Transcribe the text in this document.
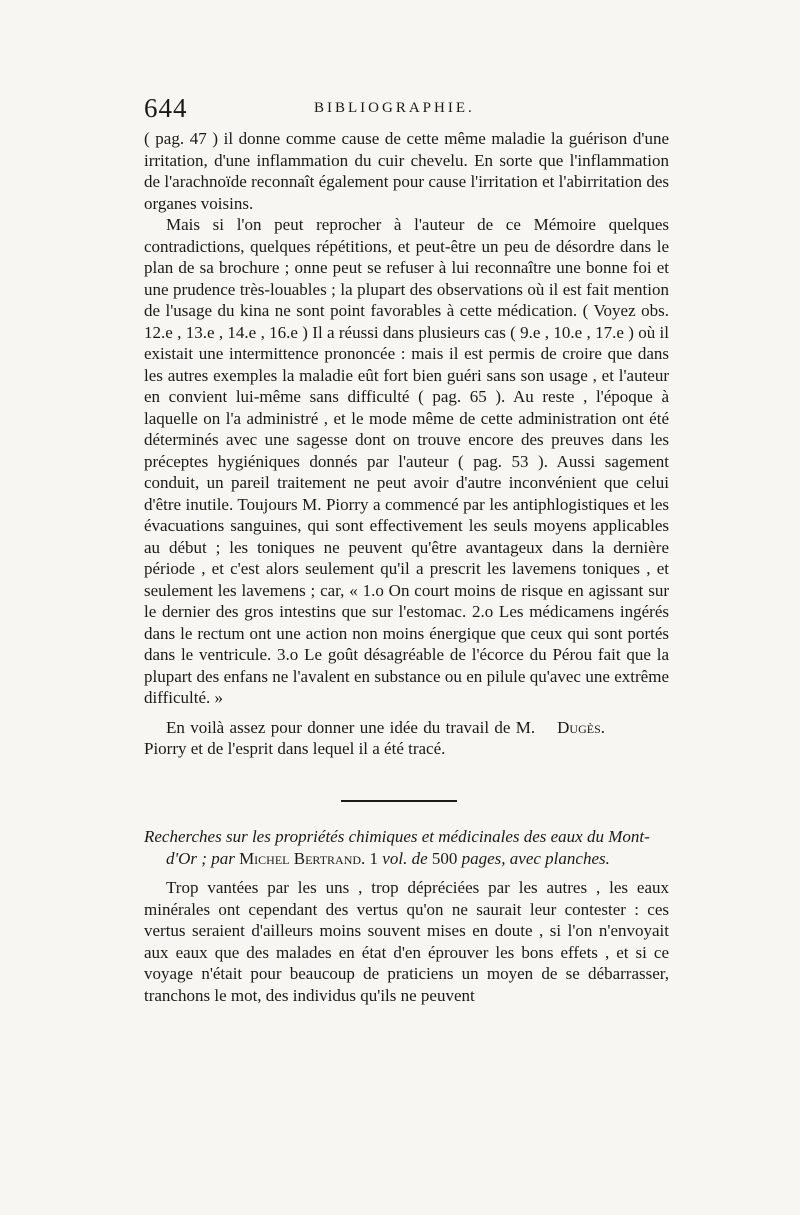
644	BIBLIOGRAPHIE.

( pag. 47 ) il donne comme cause de cette même maladie la guérison d'une irritation, d'une inflammation du cuir chevelu. En sorte que l'inflammation de l'arachnoïde reconnaît également pour cause l'irritation et l'abirritation des organes voisins.

Mais si l'on peut reprocher à l'auteur de ce Mémoire quelques contradictions, quelques répétitions, et peut-être un peu de désordre dans le plan de sa brochure ; onne peut se refuser à lui reconnaître une bonne foi et une prudence très-louables ; la plupart des observations où il est fait mention de l'usage du kina ne sont point favorables à cette médication. ( Voyez obs. 12.e , 13.e , 14.e , 16.e ) Il a réussi dans plusieurs cas ( 9.e , 10.e , 17.e ) où il existait une intermittence prononcée : mais il est permis de croire que dans les autres exemples la maladie eût fort bien guéri sans son usage , et l'auteur en convient lui-même sans difficulté ( pag. 65 ). Au reste , l'époque à laquelle on l'a administré , et le mode même de cette administration ont été déterminés avec une sagesse dont on trouve encore des preuves dans les préceptes hygiéniques donnés par l'auteur ( pag. 53 ). Aussi sagement conduit, un pareil traitement ne peut avoir d'autre inconvénient que celui d'être inutile. Toujours M. Piorry a commencé par les antiphlogistiques et les évacuations sanguines, qui sont effectivement les seuls moyens applicables au début ; les toniques ne peuvent qu'être avantageux dans la dernière période , et c'est alors seulement qu'il a prescrit les lavemens toniques , et seulement les lavemens ; car, « 1.o On court moins de risque en agissant sur le dernier des gros intestins que sur l'estomac. 2.o Les médicamens ingérés dans le rectum ont une action non moins énergique que ceux qui sont portés dans le ventricule. 3.o Le goût désagréable de l'écorce du Pérou fait que la plupart des enfans ne l'avalent en substance ou en pilule qu'avec une extrême difficulté. »

En voilà assez pour donner une idée du travail de M. Piorry et de l'esprit dans lequel il a été tracé.
Dugès.

Recherches sur les propriétés chimiques et médicinales des eaux du Mont-d'Or ; par Michel Bertrand. 1 vol. de 500 pages, avec planches.

Trop vantées par les uns , trop dépréciées par les autres , les eaux minérales ont cependant des vertus qu'on ne saurait leur contester : ces vertus seraient d'ailleurs moins souvent mises en doute , si l'on n'envoyait aux eaux que des malades en état d'en éprouver les bons effets , et si ce voyage n'était pour beaucoup de praticiens un moyen de se débarrasser, tranchons le mot, des individus qu'ils ne peuvent
